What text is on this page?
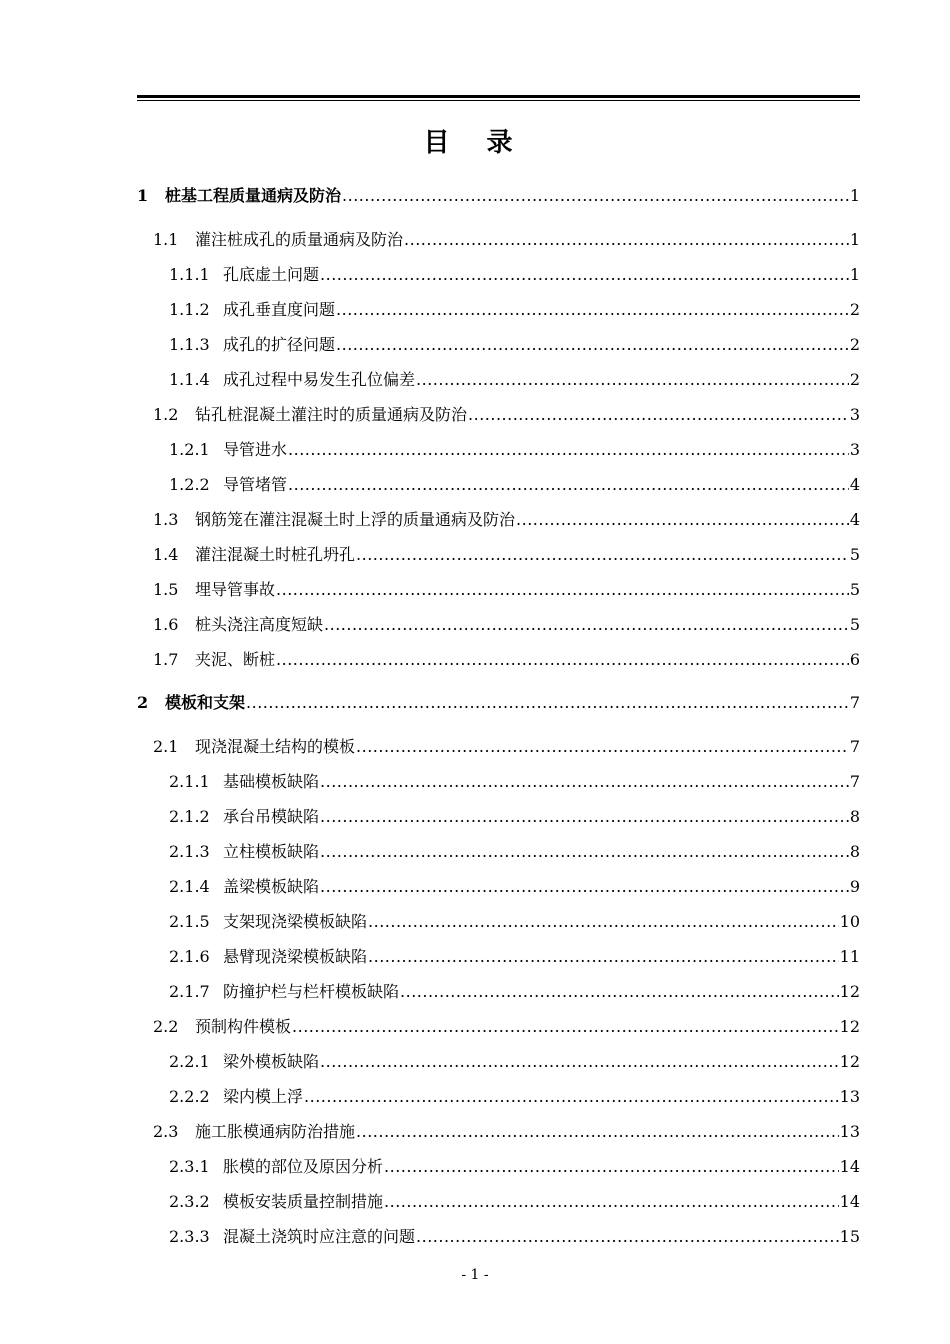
目 录
1	桩基工程质量通病及防治 .....	1
1.1	灌注桩成孔的质量通病及防治 .....	1
1.1.1 孔底虚土问题 .....	1
1.1.2 成孔垂直度问题 .....	2
1.1.3 成孔的扩径问题 .....	2
1.1.4 成孔过程中易发生孔位偏差 .....	2
1.2	钻孔桩混凝土灌注时的质量通病及防治 .....	3
1.2.1 导管进水 .....	3
1.2.2 导管堵管 .....	4
1.3	钢筋笼在灌注混凝土时上浮的质量通病及防治 .....	4
1.4	灌注混凝土时桩孔坍孔 .....	5
1.5	埋导管事故 .....	5
1.6	桩头浇注高度短缺 .....	5
1.7	夹泥、断桩 .....	6
2	模板和支架 .....	7
2.1	现浇混凝土结构的模板 .....	7
2.1.1 基础模板缺陷 .....	7
2.1.2 承台吊模缺陷 .....	8
2.1.3 立柱模板缺陷 .....	8
2.1.4 盖梁模板缺陷 .....	9
2.1.5 支架现浇梁模板缺陷 .....	10
2.1.6 悬臂现浇梁模板缺陷 .....	11
2.1.7 防撞护栏与栏杆模板缺陷 .....	12
2.2	预制构件模板 .....	12
2.2.1 梁外模板缺陷 .....	12
2.2.2 梁内模上浮 .....	13
2.3	施工胀模通病防治措施 .....	13
2.3.1 胀模的部位及原因分析 .....	14
2.3.2 模板安装质量控制措施 .....	14
2.3.3 混凝土浇筑时应注意的问题 .....	15
- 1 -
